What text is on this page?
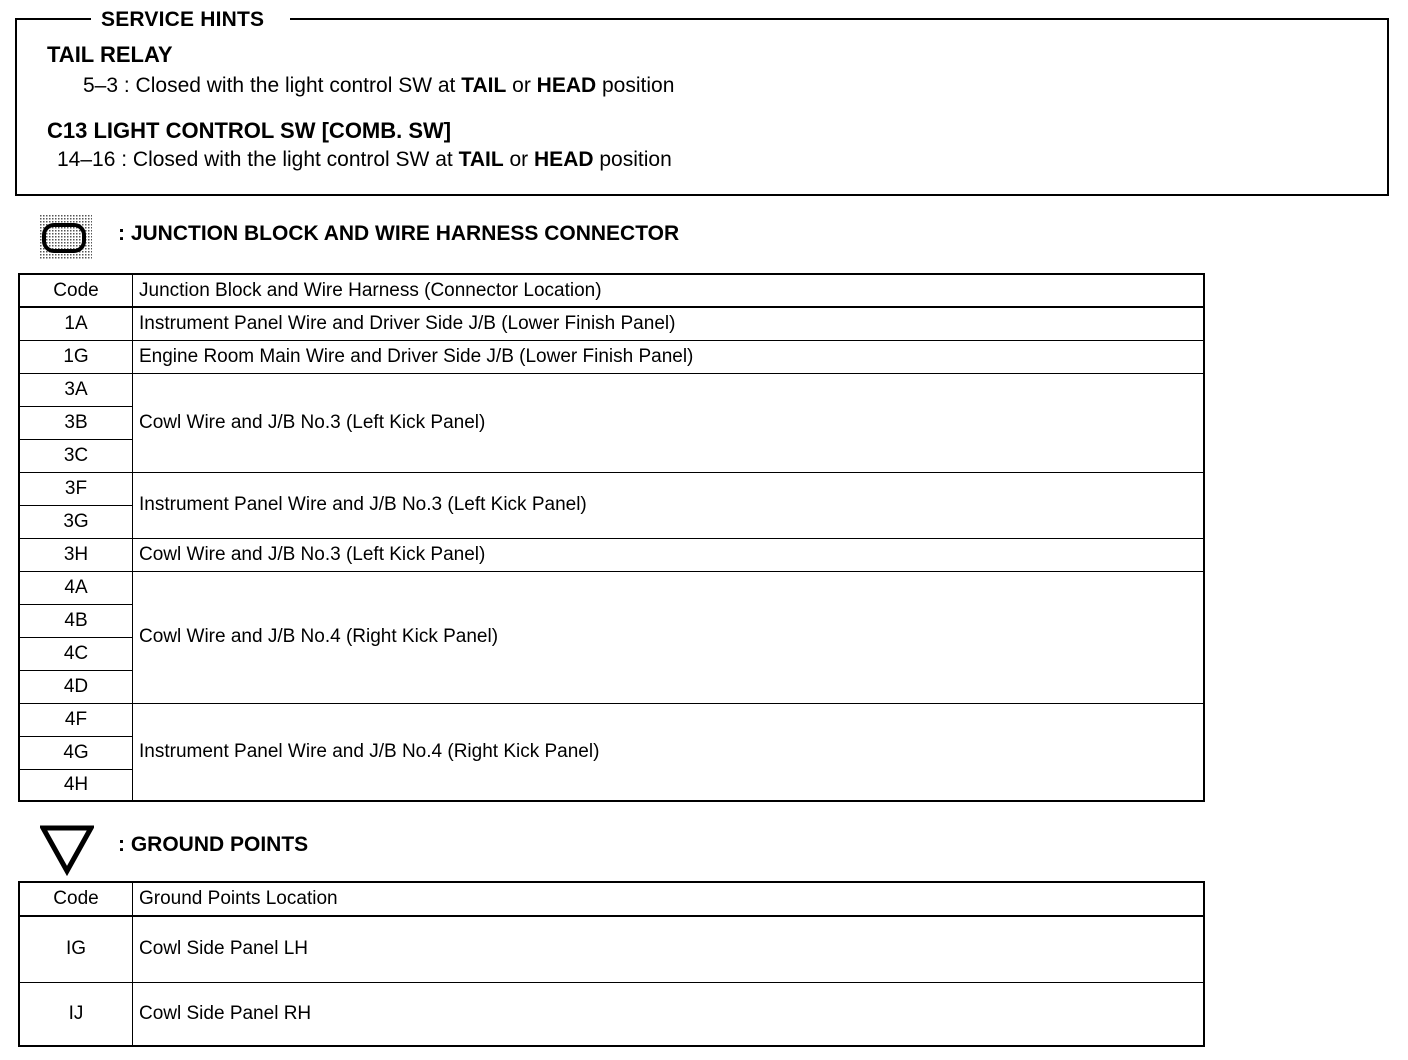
SERVICE HINTS
TAIL RELAY
5–3 : Closed with the light control SW at TAIL or HEAD position
C13 LIGHT CONTROL SW [COMB. SW]
14–16 : Closed with the light control SW at TAIL or HEAD position
: JUNCTION BLOCK AND WIRE HARNESS CONNECTOR
Code	Junction Block and Wire Harness (Connector Location)
1A	Instrument Panel Wire and Driver Side J/B (Lower Finish Panel)
1G	Engine Room Main Wire and Driver Side J/B (Lower Finish Panel)
3A	Cowl Wire and J/B No.3 (Left Kick Panel)
3B	
3C	
3F	Instrument Panel Wire and J/B No.3 (Left Kick Panel)
3G	
3H	Cowl Wire and J/B No.3 (Left Kick Panel)
4A	Cowl Wire and J/B No.4 (Right Kick Panel)
4B	
4C	
4D	
4F	Instrument Panel Wire and J/B No.4 (Right Kick Panel)
4G	
4H	
: GROUND POINTS
Code	Ground Points Location
IG	Cowl Side Panel LH
IJ	Cowl Side Panel RH
